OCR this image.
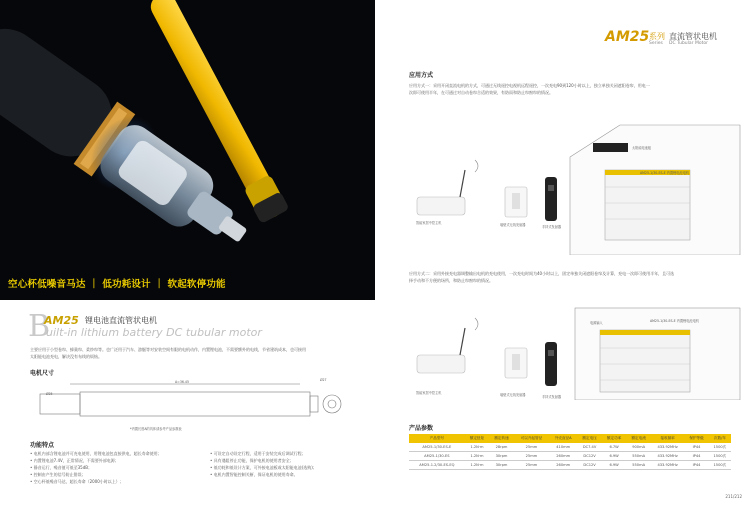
空心杯低噪音马达 ｜ 低功耗设计 ｜ 软起软停功能
B
AM25 锂电池直流管状电机
uilt-in lithium battery DC tubular motor
主要应用于小型卷帘、蜂巢帘、柔纱帘等。也广泛用于汽车、游艇等对安装空间有限的电机动作，内置锂电池，不需要额外的电线，节省建筑成本，也可接用
太阳能电池充电，解决没有布线的烦恼。
电机尺寸
A=36.45
Ø25
Ø27
*内置长度A的具体请参考产品参数表
功能特点
• 电机内部含锂电池并可充电使用，用锂电池包直接供电，超长寿命使用；
• 内置锂电池7.4V，正常情况，不需要外部电源；
• 静音运行，噪音值可低至35dB；
• 控制由产生的信号防止错误；
• 空心杯低噪音马达，超长寿命（2000小时以上）；
• 可设定自动设定行程，适用于安装完成后调试行程；
• 具有遇阻停止功能，保护电机的使用者安全；
• 低功耗和低设计方案，可外接电池板或太阳能电池(选购)；
• 电机内置智能控制关断，保证电机的使用寿命。
AM25 系列
Series
直流管状电机
DC Tubular Motor
应用方式
应用方式一：采用开闭直流电机的方式，可通过无线遥控电视机远程遥控，一次充电90到120小时以上，独立单独关闭遮阳卷帘，用电一
次即可使用半年，在可通过对自动卷帘合适的效果，有防雨和防止帘窗帘的情况。
智能家居中控主机	墙壁式无线发射器	手持式发射器
太阳能电池板
AM25-1/30-ES-E 内置锂电池电机
应用方式二：采用外接充电器调整输出电机的充电使用，一次充电时间为40小时以上，固定单独关闭遮阳卷帘及计算，充电一次即可使用半年，且可选
择手动和不方便的场所，和防止帘窗帘的情况。
智能家居中控主机	墙壁式无线发射器	手持式发射器
电源输入	AM25-1/30-ES-E 内置锂电池电机
产品参数
产品型号	额定扭矩	额定转速	可以升起管径	外壳直径A	额定电压	额定功率	额定电流	接收频率	保护等级	次数/年
AM25-1/30-ES-E	1.2N·m	28rpm	25mm	410mm	DC7.4V	6.7W	900mA	433.92MHz	IP44	1500次
AM25-1/30-ES	1.2N·m	30rpm	25mm	260mm	DC12V	6.9W	550mA	433.92MHz	IP44	1500次
AM25-1.2/30-ES-EQ	1.2N·m	30rpm	25mm	260mm	DC12V	6.9W	550mA	433.92MHz	IP44	1500次
211/212
